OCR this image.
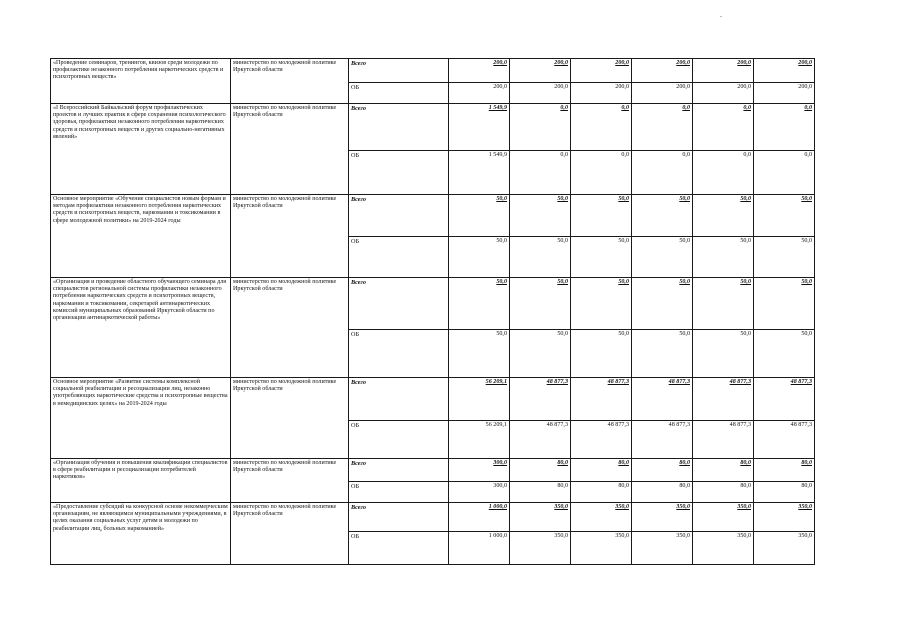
«Проведение семинаров, тренингов, квизов среди молодежи по профилактике незаконного потребления наркотических средств и психотропных веществ»	министерство по молодежной политике Иркутской области	Всего	200,0	200,0	200,0	200,0	200,0	200,0
		ОБ	200,0	200,0	200,0	200,0	200,0	200,0
«I Всероссийский Байкальский форум профилактических проектов и лучших практик в сфере сохранения психологического здоровья, профилактики незаконного потребления наркотических средств и психотропных веществ и других социально-негативных явлений»	министерство по молодежной политике Иркутской области	Всего	1 549,9	0,0	0,0	0,0	0,0	0,0
		ОБ	1 549,9	0,0	0,0	0,0	0,0	0,0
Основное мероприятие «Обучение специалистов новым формам и методам профилактики незаконного потребления наркотических средств и психотропных веществ, наркомании и токсикомании в сфере молодежной политики» на 2019-2024 годы	министерство по молодежной политике Иркутской области	Всего	50,0	50,0	50,0	50,0	50,0	50,0
		ОБ	50,0	50,0	50,0	50,0	50,0	50,0
«Организация и проведение областного обучающего семинара для специалистов региональной системы профилактики незаконного потребления наркотических средств и психотропных веществ, наркомании и токсикомании, секретарей антинаркотических комиссий муниципальных образований Иркутской области по организации антинаркотической работы»	министерство по молодежной политике Иркутской области	Всего	50,0	50,0	50,0	50,0	50,0	50,0
		ОБ	50,0	50,0	50,0	50,0	50,0	50,0
Основное мероприятие «Развитие системы комплексной социальной реабилитации и ресоциализации лиц, незаконно употребляющих наркотические средства и психотропные вещества в немедицинских целях» на 2019-2024 годы	министерство по молодежной политике Иркутской области	Всего	56 209,1	48 877,3	48 877,3	48 877,3	48 877,3	48 877,3
		ОБ	56 209,1	48 877,3	48 877,3	48 877,3	48 877,3	48 877,3
«Организация обучения и повышения квалификации специалистов в сфере реабилитации и ресоциализации потребителей наркотиков»	министерство по молодежной политике Иркутской области	Всего	300,0	80,0	80,0	80,0	80,0	80,0
		ОБ	300,0	80,0	80,0	80,0	80,0	80,0
«Предоставление субсидий на конкурсной основе некоммерческим организациям, не являющимся муниципальными учреждениями, в целях оказания социальных услуг детям и молодежи по реабилитации лиц, больных наркоманией»	министерство по молодежной политике Иркутской области	Всего	1 000,0	350,0	350,0	350,0	350,0	350,0
		ОБ	1 000,0	350,0	350,0	350,0	350,0	350,0
